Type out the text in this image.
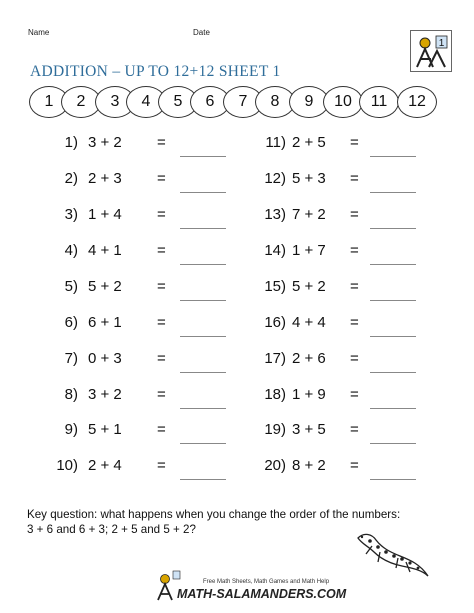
Name	Date
ADDITION – UP TO 12+12 SHEET 1
1
1	2	3	4	5	6	7	8	9	10	11	12
1) 3 + 2 =
2) 2 + 3 =
3) 1 + 4 =
4) 4 + 1 =
5) 5 + 2 =
6) 6 + 1 =
7) 0 + 3 =
8) 3 + 2 =
9) 5 + 1 =
10) 2 + 4 =
11) 2 + 5 =
12) 5 + 3 =
13) 7 + 2 =
14) 1 + 7 =
15) 5 + 2 =
16) 4 + 4 =
17) 2 + 6 =
18) 1 + 9 =
19) 3 + 5 =
20) 8 + 2 =
Key question: what happens when you change the order of the numbers:
3 + 6 and 6 + 3; 2 + 5 and 5 + 2?
Free Math Sheets, Math Games and Math Help
MATH-SALAMANDERS.COM
